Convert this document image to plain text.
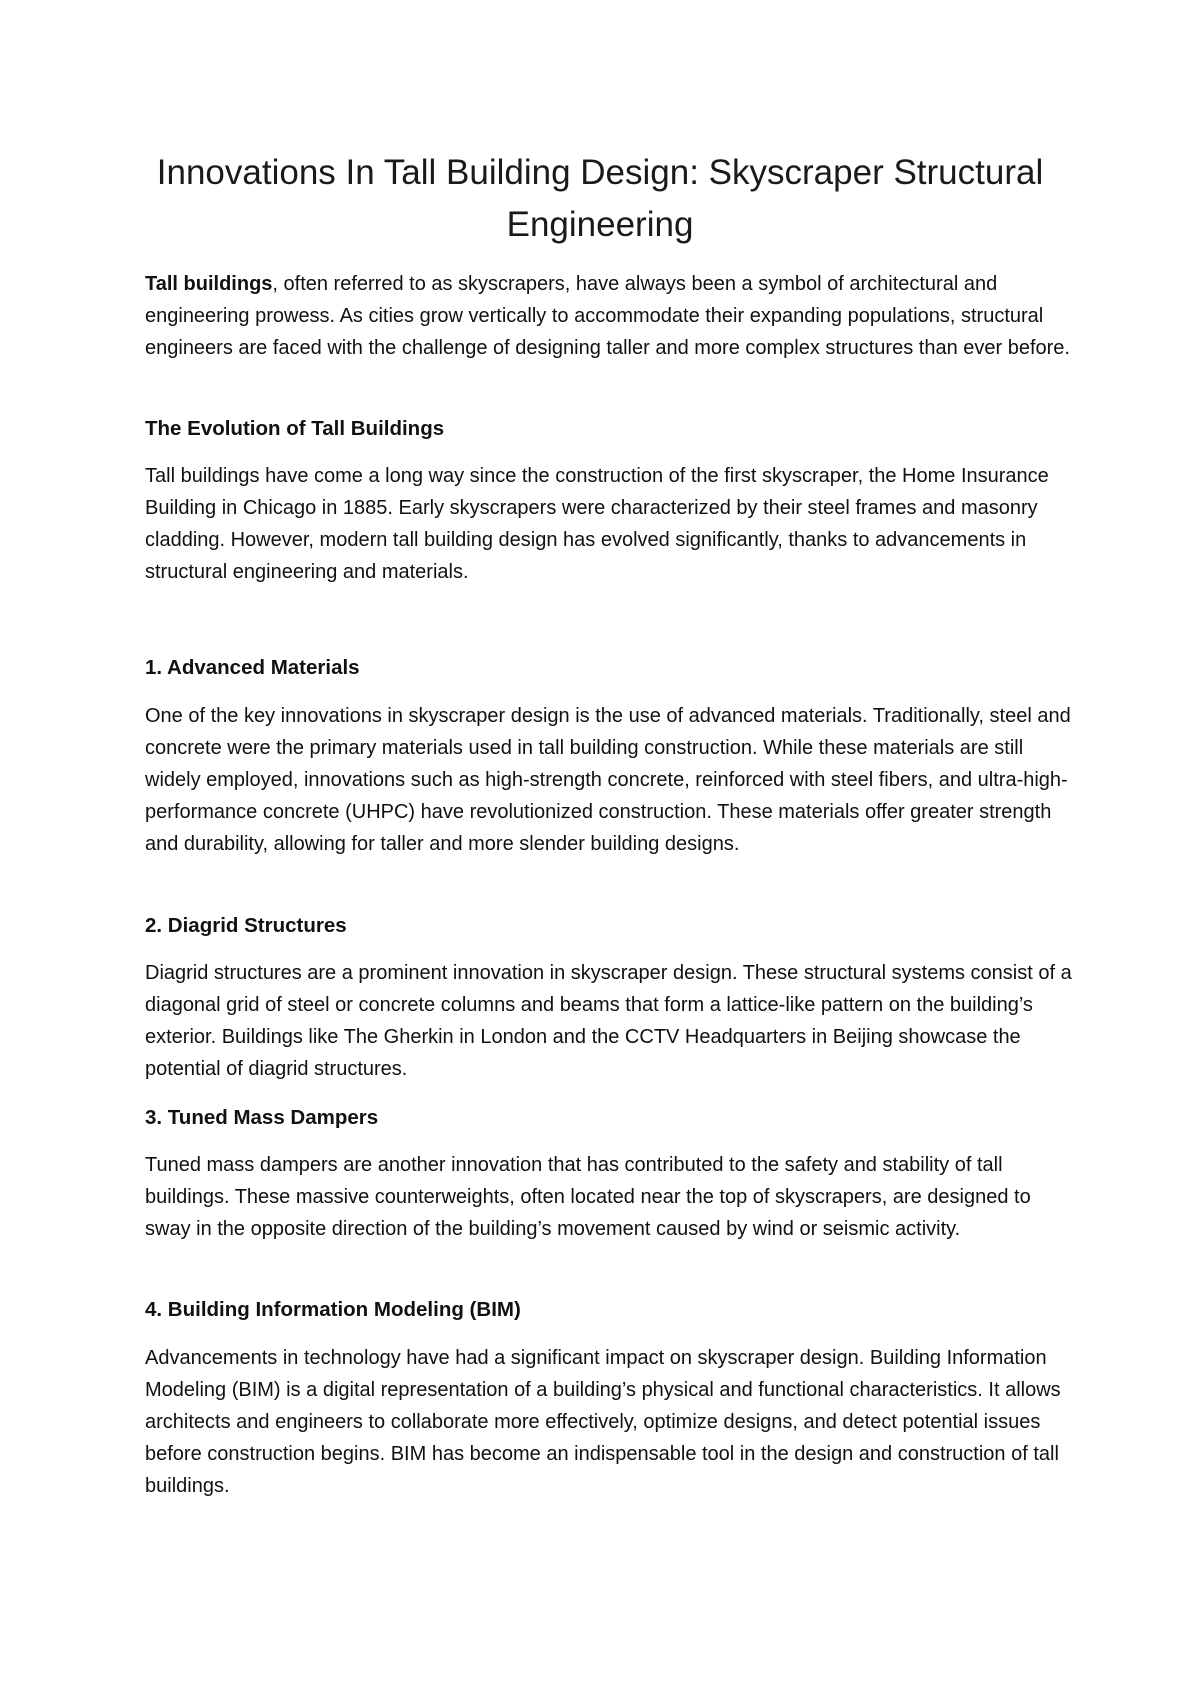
Innovations In Tall Building Design: Skyscraper Structural Engineering

Tall buildings, often referred to as skyscrapers, have always been a symbol of architectural and engineering prowess. As cities grow vertically to accommodate their expanding populations, structural engineers are faced with the challenge of designing taller and more complex structures than ever before.

The Evolution of Tall Buildings

Tall buildings have come a long way since the construction of the first skyscraper, the Home Insurance Building in Chicago in 1885. Early skyscrapers were characterized by their steel frames and masonry cladding. However, modern tall building design has evolved significantly, thanks to advancements in structural engineering and materials.

1. Advanced Materials

One of the key innovations in skyscraper design is the use of advanced materials. Traditionally, steel and concrete were the primary materials used in tall building construction. While these materials are still widely employed, innovations such as high-strength concrete, reinforced with steel fibers, and ultra-high-performance concrete (UHPC) have revolutionized construction. These materials offer greater strength and durability, allowing for taller and more slender building designs.

2. Diagrid Structures

Diagrid structures are a prominent innovation in skyscraper design. These structural systems consist of a diagonal grid of steel or concrete columns and beams that form a lattice-like pattern on the building’s exterior. Buildings like The Gherkin in London and the CCTV Headquarters in Beijing showcase the potential of diagrid structures.

3. Tuned Mass Dampers

Tuned mass dampers are another innovation that has contributed to the safety and stability of tall buildings. These massive counterweights, often located near the top of skyscrapers, are designed to sway in the opposite direction of the building’s movement caused by wind or seismic activity.

4. Building Information Modeling (BIM)

Advancements in technology have had a significant impact on skyscraper design. Building Information Modeling (BIM) is a digital representation of a building’s physical and functional characteristics. It allows architects and engineers to collaborate more effectively, optimize designs, and detect potential issues before construction begins. BIM has become an indispensable tool in the design and construction of tall buildings.
